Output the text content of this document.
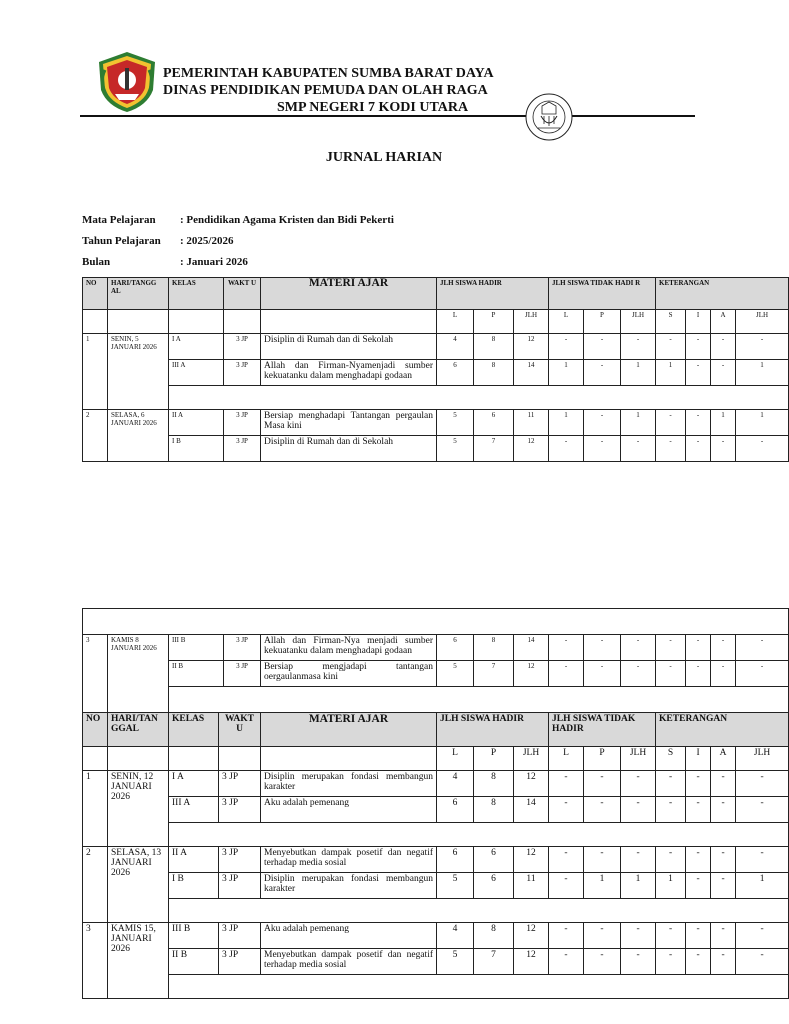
PEMERINTAH KABUPATEN SUMBA BARAT DAYA
DINAS PENDIDIKAN PEMUDA DAN OLAH RAGA
SMP NEGERI 7 KODI UTARA
JURNAL HARIAN
Mata Pelajaran : Pendidikan Agama Kristen dan Bidi Pekerti
Tahun Pelajaran : 2025/2026
Bulan	: Januari 2026
NO	HARI/TANGG AL	KELAS	WAKT U	MATERI AJAR	JLH SISWA HADIR			JLH SISWA TIDAK HADI R			KETERANGAN			
					L	P	JLH	L	P	JLH	S	I	A	JLH
1	SENIN, 5 JANUARI 2026	I A	3 JP	Disiplin di Rumah dan di Sekolah	4	8	12	-	-	-	-	-	-	-
		III A	3 JP	Allah dan Firman-Nyamenjadi sumber kekuatanku dalam menghadapi godaan	6	8	14	1	-	1	1	-	-	1

2	SELASA, 6 JANUARI 2026	II A	3 JP	Bersiap menghadapi Tantangan pergaulan Masa kini	5	6	11	1	-	1	-	-	1	1
		I B	3 JP	Disiplin di Rumah dan di Sekolah	5	7	12	-	-	-	-	-	-	-

3	KAMIS 8 JANUARI 2026	III B	3 JP	Allah dan Firman-Nya menjadi sumber kekuatanku dalam menghadapi godaan	6	8	14	-	-	-	-	-	-	-
		II B	3 JP	Bersiap mengjadapi tantangan oergaulanmasa kini	5	7	12	-	-	-	-	-	-	-

NO	HARI/TAN GGAL	KELAS	WAKT U	MATERI AJAR	JLH SISWA HADIR			JLH SISWA TIDAK HADIR			KETERANGAN			
					L	P	JLH	L	P	JLH	S	I	A	JLH
1	SENIN, 12 JANUARI 2026	I A	3 JP	Disiplin merupakan fondasi membangun karakter	4	8	12	-	-	-	-	-	-	-
		III A	3 JP	Aku adalah pemenang	6	8	14	-	-	-	-	-	-	-

2	SELASA, 13 JANUARI 2026	II A	3 JP	Menyebutkan dampak posetif dan negatif terhadap media sosial	6	6	12	-	-	-	-	-	-	-
		I B	3 JP	Disiplin merupakan fondasi membangun karakter	5	6	11	-	1	1	1	-	-	1

3	KAMIS 15, JANUARI 2026	III B	3 JP	Aku adalah pemenang	4	8	12	-	-	-	-	-	-	-
		II B	3 JP	Menyebutkan dampak posetif dan negatif terhadap media sosial	5	7	12	-	-	-	-	-	-	-
